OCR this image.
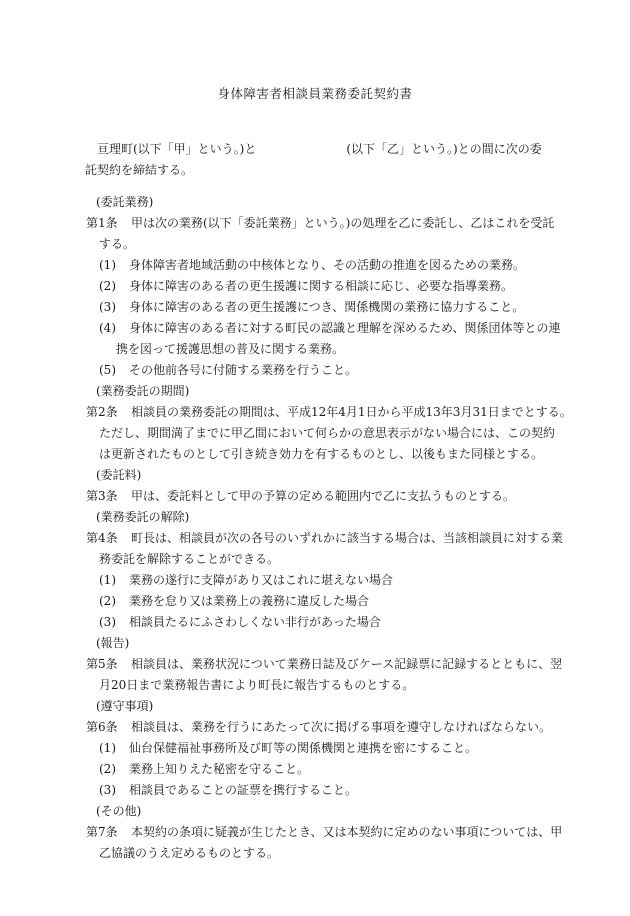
身体障害者相談員業務委託契約書
亘理町(以下「甲」という。)と	(以下「乙」という。)との間に次の委
託契約を締結する。
(委託業務)
第1条	甲は次の業務(以下「委託業務」という。)の処理を乙に委託し、乙はこれを受託
する。
(1)	身体障害者地域活動の中核体となり、その活動の推進を図るための業務。
(2)	身体に障害のある者の更生援護に関する相談に応じ、必要な指導業務。
(3)	身体に障害のある者の更生援護につき、関係機関の業務に協力すること。
(4)	身体に障害のある者に対する町民の認識と理解を深めるため、関係団体等との連
携を図って援護思想の普及に関する業務。
(5)	その他前各号に付随する業務を行うこと。
(業務委託の期間)
第2条	相談員の業務委託の期間は、平成12年4月1日から平成13年3月31日までとする。
ただし、期間満了までに甲乙間において何らかの意思表示がない場合には、この契約
は更新されたものとして引き続き効力を有するものとし、以後もまた同様とする。
(委託料)
第3条	甲は、委託料として甲の予算の定める範囲内で乙に支払うものとする。
(業務委託の解除)
第4条	町長は、相談員が次の各号のいずれかに該当する場合は、当該相談員に対する業
務委託を解除することができる。
(1)	業務の遂行に支障があり又はこれに堪えない場合
(2)	業務を怠り又は業務上の義務に違反した場合
(3)	相談員たるにふさわしくない非行があった場合
(報告)
第5条	相談員は、業務状況について業務日誌及びケース記録票に記録するとともに、翌
月20日まで業務報告書により町長に報告するものとする。
(遵守事項)
第6条	相談員は、業務を行うにあたって次に掲げる事項を遵守しなければならない。
(1)	仙台保健福祉事務所及び町等の関係機関と連携を密にすること。
(2)	業務上知りえた秘密を守ること。
(3)	相談員であることの証票を携行すること。
(その他)
第7条	本契約の条項に疑義が生じたとき、又は本契約に定めのない事項については、甲
乙協議のうえ定めるものとする。
